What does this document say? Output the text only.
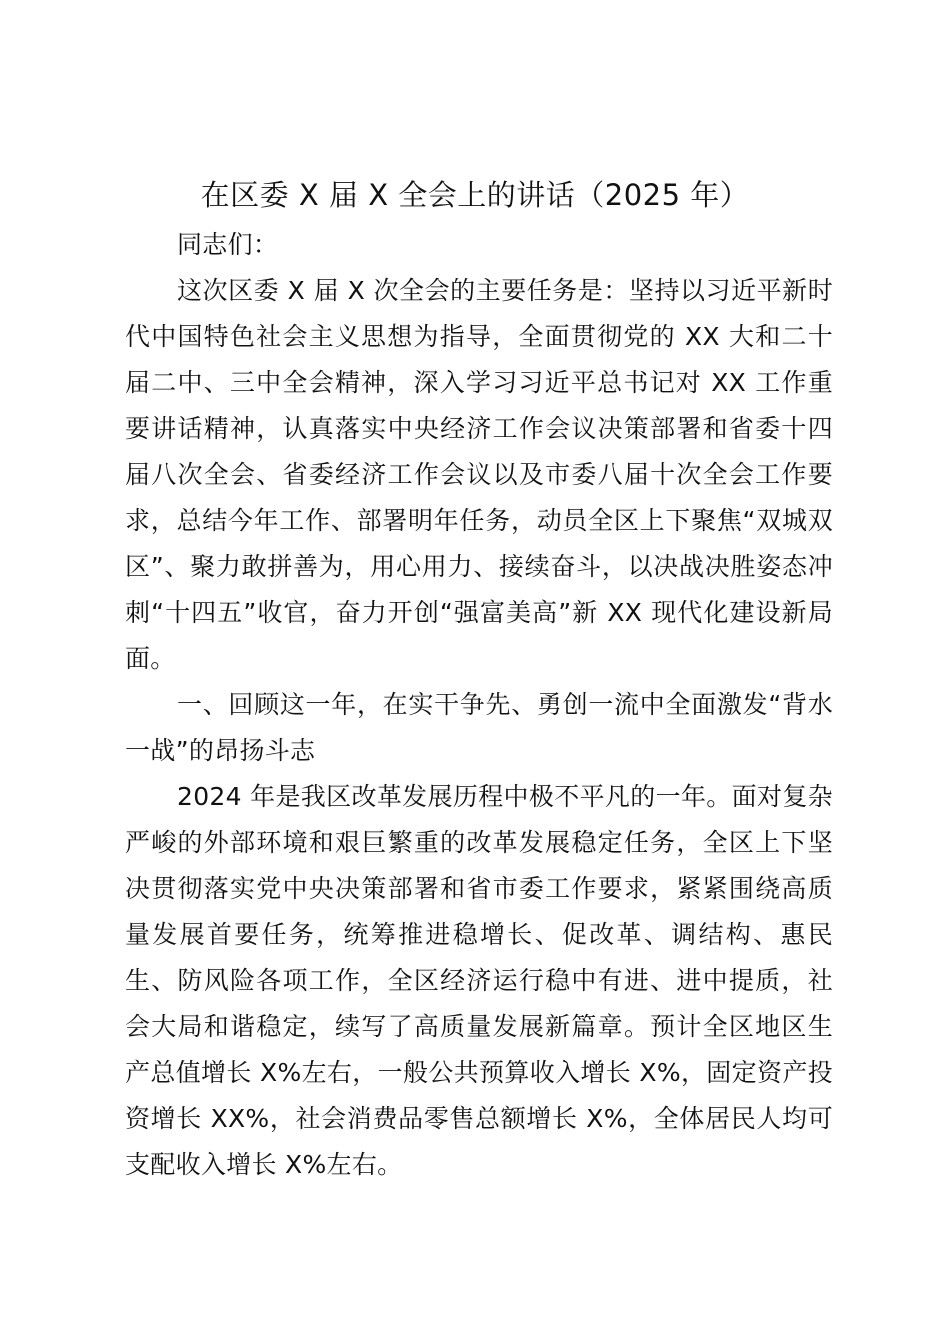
在区委 X 届 X 全会上的讲话（2025 年）

同志们：

这次区委 X 届 X 次全会的主要任务是：坚持以习近平新时代中国特色社会主义思想为指导，全面贯彻党的 XX 大和二十届二中、三中全会精神，深入学习习近平总书记对 XX 工作重要讲话精神，认真落实中央经济工作会议决策部署和省委十四届八次全会、省委经济工作会议以及市委八届十次全会工作要求，总结今年工作、部署明年任务，动员全区上下聚焦“双城双区”、聚力敢拼善为，用心用力、接续奋斗，以决战决胜姿态冲刺“十四五”收官，奋力开创“强富美高”新 XX 现代化建设新局面。

一、回顾这一年，在实干争先、勇创一流中全面激发“背水一战”的昂扬斗志

2024 年是我区改革发展历程中极不平凡的一年。面对复杂严峻的外部环境和艰巨繁重的改革发展稳定任务，全区上下坚决贯彻落实党中央决策部署和省市委工作要求，紧紧围绕高质量发展首要任务，统筹推进稳增长、促改革、调结构、惠民生、防风险各项工作，全区经济运行稳中有进、进中提质，社会大局和谐稳定，续写了高质量发展新篇章。预计全区地区生产总值增长 X%左右，一般公共预算收入增长 X%，固定资产投资增长 XX%，社会消费品零售总额增长 X%，全体居民人均可支配收入增长 X%左右。
